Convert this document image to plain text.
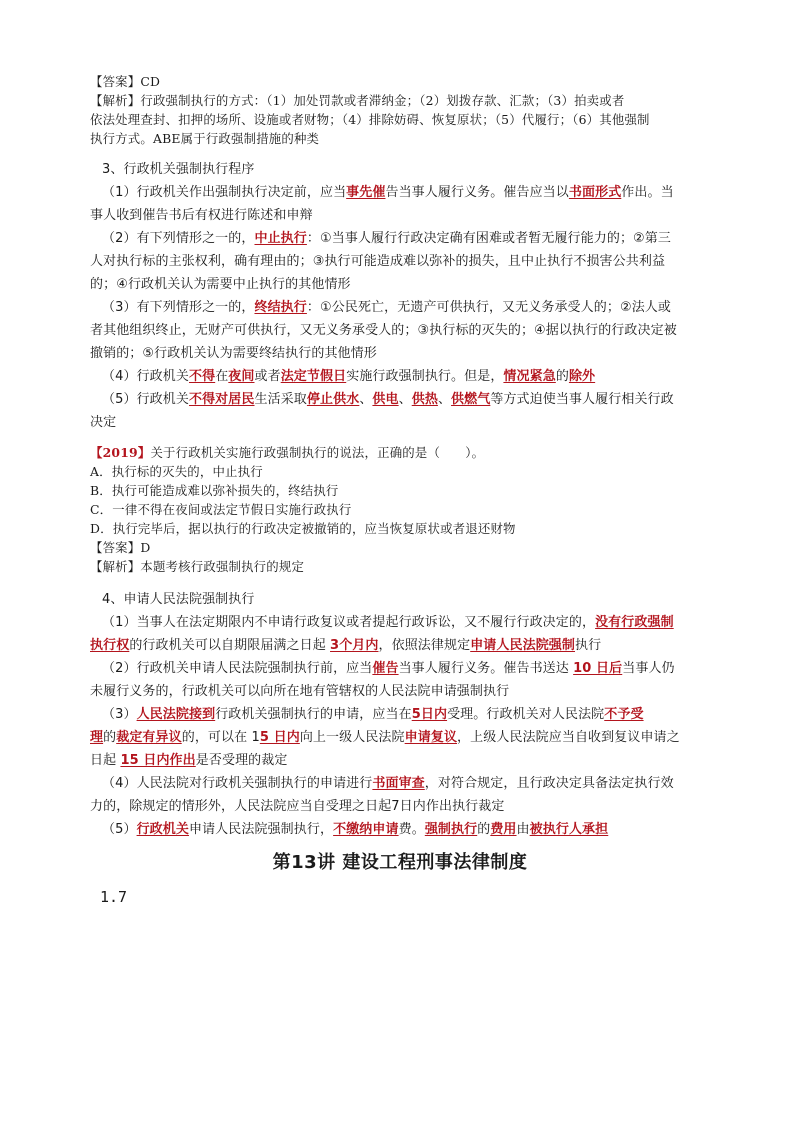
【答案】CD
【解析】行政强制执行的方式：（1）加处罚款或者滞纳金；（2）划拨存款、汇款；（3）拍卖或者
依法处理查封、扣押的场所、设施或者财物；（4）排除妨碍、恢复原状；（5）代履行；（6）其他强制
执行方式。ABE属于行政强制措施的种类
3、行政机关强制执行程序
（1）行政机关作出强制执行决定前，应当事先催告当事人履行义务。催告应当以书面形式作出。当
事人收到催告书后有权进行陈述和申辩
（2）有下列情形之一的，中止执行：①当事人履行行政决定确有困难或者暂无履行能力的；②第三
人对执行标的主张权利，确有理由的；③执行可能造成难以弥补的损失，且中止执行不损害公共利益
的；④行政机关认为需要中止执行的其他情形
（3）有下列情形之一的，终结执行：①公民死亡，无遗产可供执行，又无义务承受人的；②法人或
者其他组织终止，无财产可供执行，又无义务承受人的；③执行标的灭失的；④据以执行的行政决定被
撤销的；⑤行政机关认为需要终结执行的其他情形
（4）行政机关不得在夜间或者法定节假日实施行政强制执行。但是，情况紧急的除外
（5）行政机关不得对居民生活采取停止供水、供电、供热、供燃气等方式迫使当事人履行相关行政
决定
【2019】关于行政机关实施行政强制执行的说法，正确的是（　　）。
A．执行标的灭失的，中止执行
B．执行可能造成难以弥补损失的，终结执行
C．一律不得在夜间或法定节假日实施行政执行
D．执行完毕后，据以执行的行政决定被撤销的，应当恢复原状或者退还财物
【答案】D
【解析】本题考核行政强制执行的规定
4、申请人民法院强制执行
（1）当事人在法定期限内不申请行政复议或者提起行政诉讼，又不履行行政决定的，没有行政强制
执行权的行政机关可以自期限届满之日起 3个月内，依照法律规定申请人民法院强制执行
（2）行政机关申请人民法院强制执行前，应当催告当事人履行义务。催告书送达 10 日后当事人仍
未履行义务的，行政机关可以向所在地有管辖权的人民法院申请强制执行
（3）人民法院接到行政机关强制执行的申请，应当在5日内受理。行政机关对人民法院不予受
理的裁定有异议的，可以在 15 日内向上一级人民法院申请复议，上级人民法院应当自收到复议申请之
日起 15 日内作出是否受理的裁定
（4）人民法院对行政机关强制执行的申请进行书面审查，对符合规定，且行政决定具备法定执行效
力的，除规定的情形外，人民法院应当自受理之日起7日内作出执行裁定
（5）行政机关申请人民法院强制执行，不缴纳申请费。强制执行的费用由被执行人承担
第13讲 建设工程刑事法律制度
1.7
